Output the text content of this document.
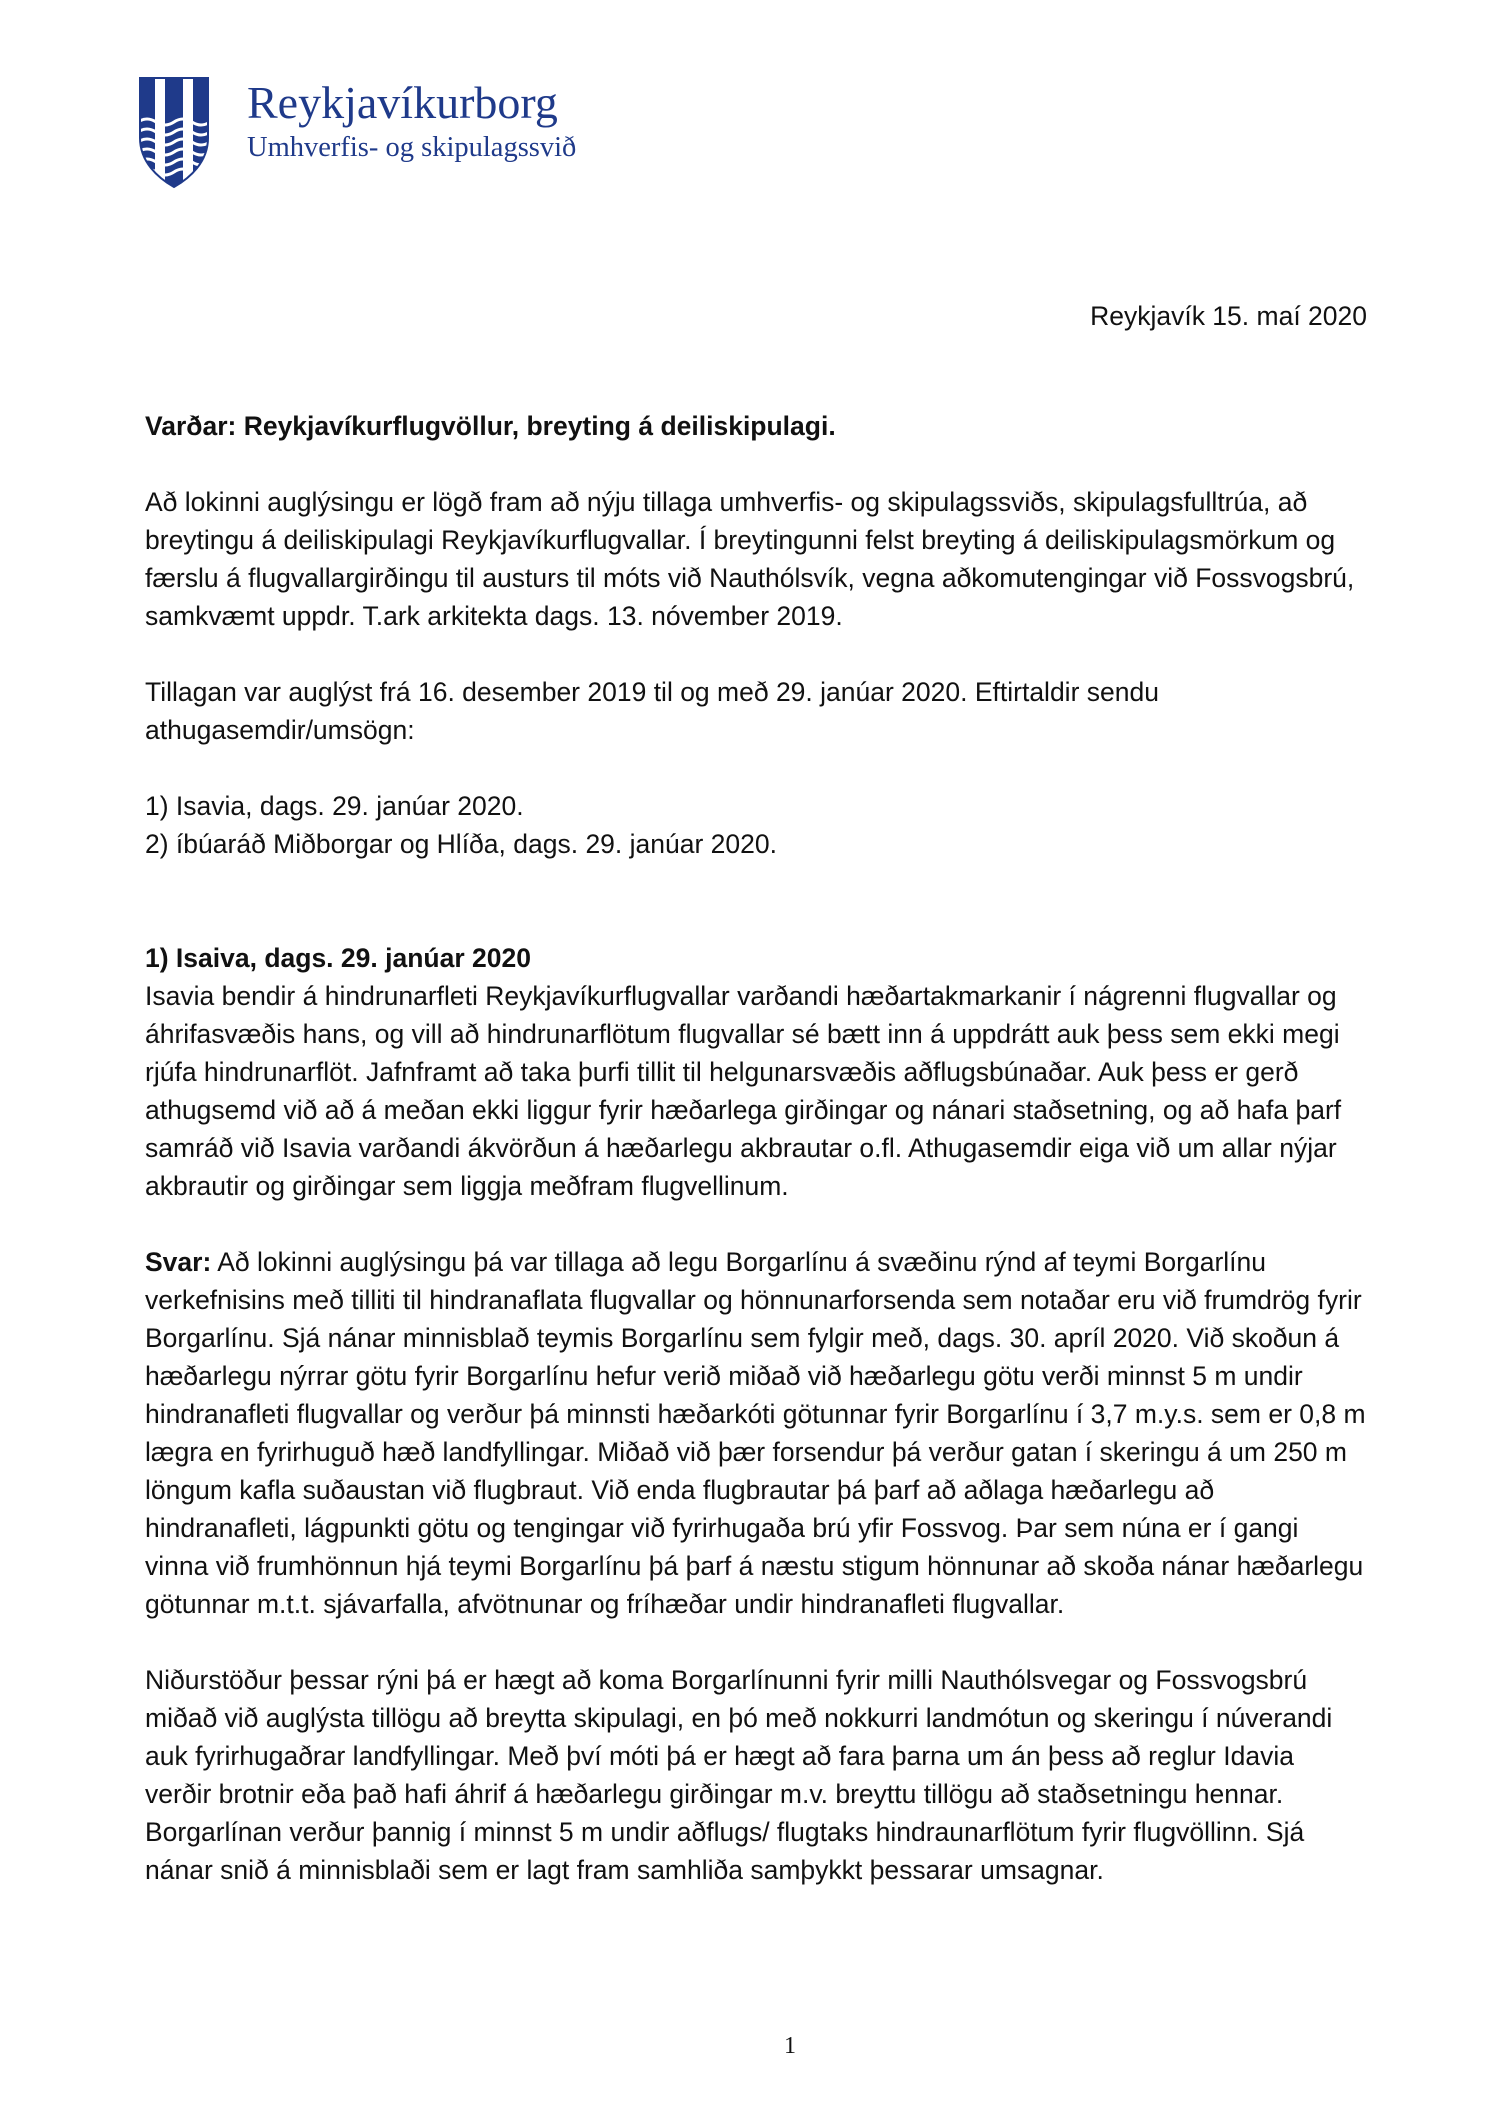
Reykjavíkurborg
Umhverfis- og skipulagssvið
Reykjavík 15. maí 2020

Varðar: Reykjavíkurflugvöllur, breyting á deiliskipulagi.

Að lokinni auglýsingu er lögð fram að nýju tillaga umhverfis- og skipulagssviðs, skipulagsfulltrúa, að breytingu á deiliskipulagi Reykjavíkurflugvallar. Í breytingunni felst breyting á deiliskipulagsmörkum og færslu á flugvallargirðingu til austurs til móts við Nauthólsvík, vegna aðkomutengingar við Fossvogsbrú, samkvæmt uppdr. T.ark arkitekta dags. 13. nóvember 2019.

Tillagan var auglýst frá 16. desember 2019 til og með 29. janúar 2020. Eftirtaldir sendu athugasemdir/umsögn:

1) Isavia, dags. 29. janúar 2020.

2) íbúaráð Miðborgar og Hlíða, dags. 29. janúar 2020.

1) Isaiva, dags. 29. janúar 2020

Isavia bendir á hindrunarfleti Reykjavíkurflugvallar varðandi hæðartakmarkanir í nágrenni flugvallar og áhrifasvæðis hans, og vill að hindrunarflötum flugvallar sé bætt inn á uppdrátt auk þess sem ekki megi rjúfa hindrunarflöt. Jafnframt að taka þurfi tillit til helgunarsvæðis aðflugsbúnaðar. Auk þess er gerð athugsemd við að á meðan ekki liggur fyrir hæðarlega girðingar og nánari staðsetning, og að hafa þarf samráð við Isavia varðandi ákvörðun á hæðarlegu akbrautar o.fl. Athugasemdir eiga við um allar nýjar akbrautir og girðingar sem liggja meðfram flugvellinum.

Svar: Að lokinni auglýsingu þá var tillaga að legu Borgarlínu á svæðinu rýnd af teymi Borgarlínu verkefnisins með tilliti til hindranaflata flugvallar og hönnunarforsenda sem notaðar eru við frumdrög fyrir Borgarlínu. Sjá nánar minnisblað teymis Borgarlínu sem fylgir með, dags. 30. apríl 2020. Við skoðun á hæðarlegu nýrrar götu fyrir Borgarlínu hefur verið miðað við hæðarlegu götu verði minnst 5 m undir hindranafleti flugvallar og verður þá minnsti hæðarkóti götunnar fyrir Borgarlínu í 3,7 m.y.s. sem er 0,8 m lægra en fyrirhuguð hæð landfyllingar. Miðað við þær forsendur þá verður gatan í skeringu á um 250 m löngum kafla suðaustan við flugbraut. Við enda flugbrautar þá þarf að aðlaga hæðarlegu að hindranafleti, lágpunkti götu og tengingar við fyrirhugaða brú yfir Fossvog. Þar sem núna er í gangi vinna við frumhönnun hjá teymi Borgarlínu þá þarf á næstu stigum hönnunar að skoða nánar hæðarlegu götunnar m.t.t. sjávarfalla, afvötnunar og fríhæðar undir hindranafleti flugvallar.

Niðurstöður þessar rýni þá er hægt að koma Borgarlínunni fyrir milli Nauthólsvegar og Fossvogsbrú miðað við auglýsta tillögu að breytta skipulagi, en þó með nokkurri landmótun og skeringu í núverandi auk fyrirhugaðrar landfyllingar. Með því móti þá er hægt að fara þarna um án þess að reglur Idavia verðir brotnir eða það hafi áhrif á hæðarlegu girðingar m.v. breyttu tillögu að staðsetningu hennar. Borgarlínan verður þannig í minnst 5 m undir aðflugs/ flugtaks hindraunarflötum fyrir flugvöllinn. Sjá nánar snið á minnisblaði sem er lagt fram samhliða samþykkt þessarar umsagnar.

1
